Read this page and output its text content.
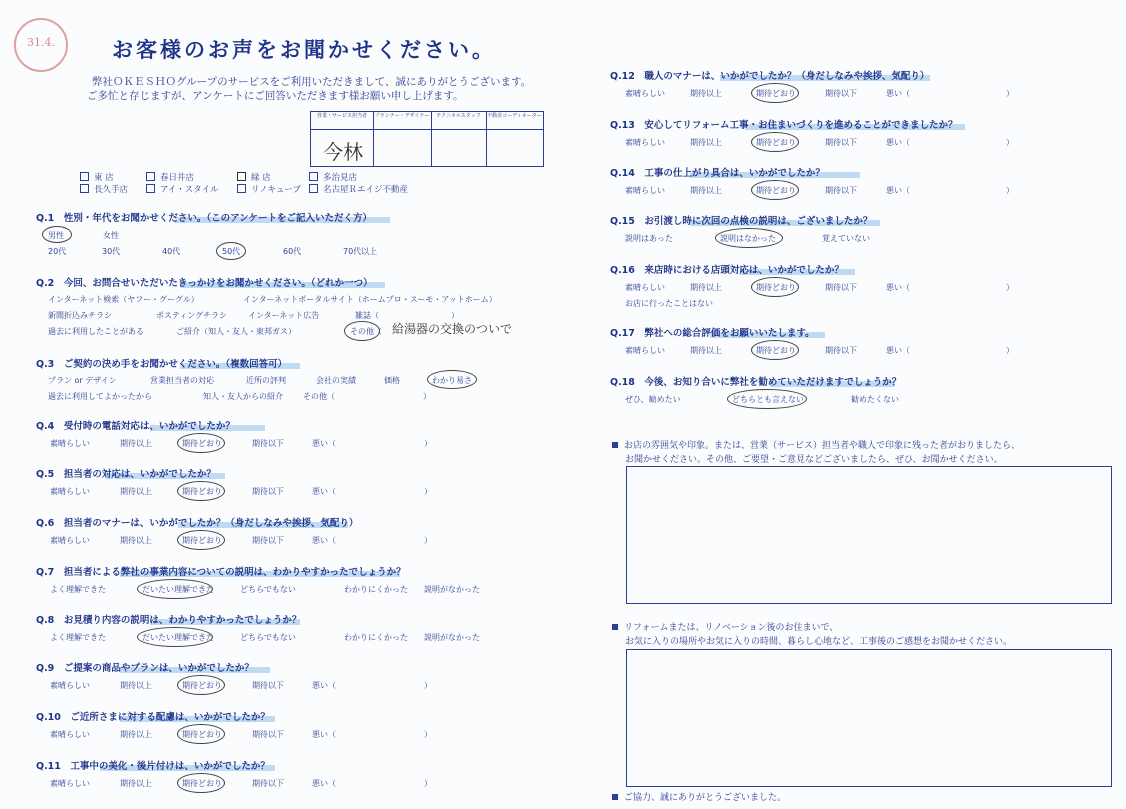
31.4.	お客様のお声をお聞かせください。
弊社ＯＫＥＳＨＯグループのサービスをご利用いただきまして、誠にありがとうございます。
ご多忙と存じますが、アンケートにご回答いただきます様お願い申し上げます。
営業・サービス担当者	プランナー・デザイナー	テクニカルスタッフ	不動産コーディネーター
今林
東 店	春日井店	緑 店	多治見店
長久手店	アイ・スタイル	リノキューブ	名古屋Ｒエイジ不動産
Q.1　 性別・年代をお聞かせください。（このアンケートをご記入いただく方）
男性	女性
20代	30代	40代	50代	60代	70代以上
Q.2　 今回、お問合せいただいたきっかけをお聞かせください。（どれか一つ）
インターネット検索（ヤフー・グーグル）	インターネットポータルサイト（ホームプロ・スーモ・アットホーム）
新聞折込みチラシ	ポスティングチラシ	インターネット広告	雑誌（　　　　　　　　　）
過去に利用したことがある	ご紹介（知人・友人・東邦ガス）	その他（ 給湯器の交換のついで
Q.3　 ご契約の決め手をお聞かせください。（複数回答可）
プラン or デザイン	営業担当者の対応	近所の評判	会社の実績	価格	わかり易さ
過去に利用してよかったから	知人・友人からの紹介	その他（　　　　　　　　　　　）
Q.4　 受付時の電話対応は、いかがでしたか？
素晴らしい	期待以上	期待どおり	期待以下	悪い（　　　　　　　　　　　）
Q.5　 担当者の対応は、いかがでしたか？
素晴らしい	期待以上	期待どおり	期待以下	悪い（　　　　　　　　　　　）
Q.6　 担当者のマナーは、いかがでしたか？（身だしなみや挨拶、気配り）
素晴らしい	期待以上	期待どおり	期待以下	悪い（　　　　　　　　　　　）
Q.7　 担当者による弊社の事業内容についての説明は、わかりやすかったでしょうか？
よく理解できた	だいたい理解できた	どちらでもない	わかりにくかった 説明がなかった
Q.8　 お見積り内容の説明は、わかりやすかったでしょうか？
よく理解できた	だいたい理解できた	どちらでもない	わかりにくかった 説明がなかった
Q.9　 ご提案の商品やプランは、いかがでしたか？
素晴らしい	期待以上	期待どおり	期待以下	悪い（　　　　　　　　　　　）
Q.10　 ご近所さまに対する配慮は、いかがでしたか？
素晴らしい	期待以上	期待どおり	期待以下	悪い（　　　　　　　　　　　）
Q.11　 工事中の美化・後片付けは、いかがでしたか？
素晴らしい	期待以上	期待どおり	期待以下	悪い（　　　　　　　　　　　）
Q.12　 職人のマナーは、いかがでしたか？（身だしなみや挨拶、気配り）
素晴らしい	期待以上	期待どおり	期待以下	悪い（　　　　　　　　　　　　）
Q.13　 安心してリフォーム工事・お住まいづくりを進めることができましたか？
素晴らしい	期待以上	期待どおり	期待以下	悪い（　　　　　　　　　　　　）
Q.14　 工事の仕上がり具合は、いかがでしたか？
素晴らしい	期待以上	期待どおり	期待以下	悪い（　　　　　　　　　　　　）
Q.15　 お引渡し時に次回の点検の説明は、ございましたか？
説明はあった	説明はなかった	覚えていない
Q.16　 来店時における店頭対応は、いかがでしたか？
素晴らしい	期待以上	期待どおり	期待以下	悪い（　　　　　　　　　　　　）
お店に行ったことはない
Q.17　 弊社への総合評価をお願いいたします。
素晴らしい	期待以上	期待どおり	期待以下	悪い（　　　　　　　　　　　　）
Q.18　 今後、お知り合いに弊社を勧めていただけますでしょうか？
ぜひ、勧めたい	どちらとも言えない	勧めたくない
お店の雰囲気や印象。または、営業（サービス）担当者や職人で印象に残った者がおりましたら、
お聞かせください。その他、ご要望・ご意見などございましたら、ぜひ、お聞かせください。
リフォームまたは、リノベーション後のお住まいで、
お気に入りの場所やお気に入りの時間、暮らし心地など、工事後のご感想をお聞かせください。
ご協力、誠にありがとうございました。
